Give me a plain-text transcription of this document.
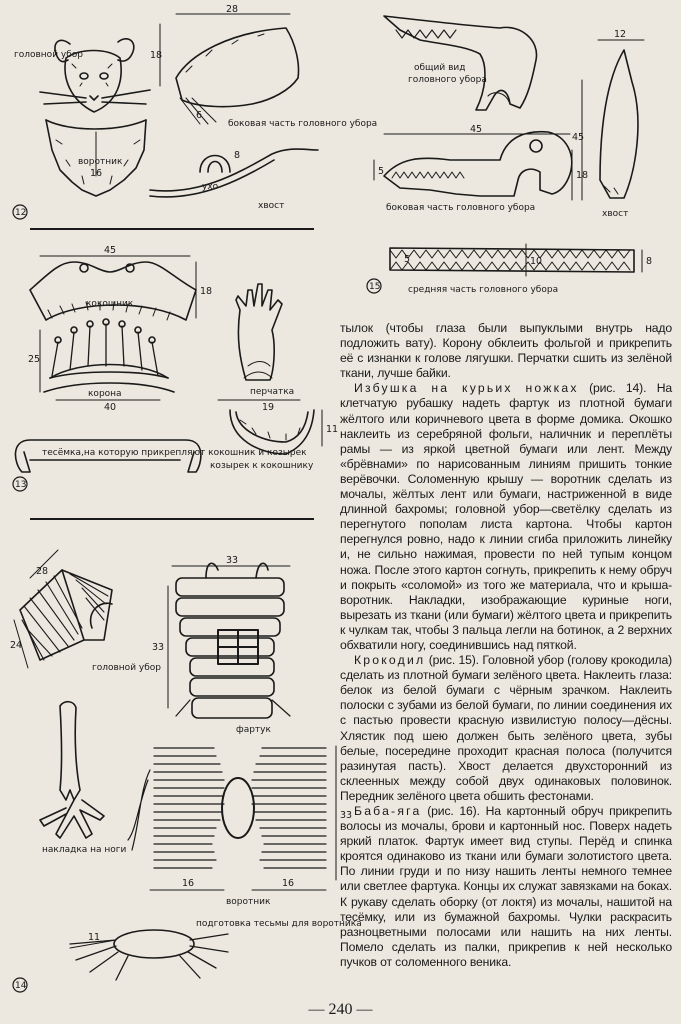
головной убор
воротник
боковая часть головного убора
ухо
хвост
12
28
18
6
16
8
кокошник
корона	перчатка
тесёмка,на которую прикрепляют кокошник и козырек
козырек к кокошнику
13
45
18
25
40	19
11
головной убор
фартук
накладка на ноги
воротник
подготовка тесьмы для воротника
14
28
24
33
33
33
16	16
11
общий вид
головного убора
боковая часть головного убора
хвост
средняя часть головного убора
15
45
12
45
5	18
5	10	8

тылок (чтобы глаза были выпуклыми внутрь надо подложить вату). Корону обклеить фольгой и прикрепить её с изнанки к голове лягушки. Перчатки сшить из зелёной ткани, лучше байки.

Избушка на курьих ножках (рис. 14). На клетчатую рубашку надеть фартук из плотной бумаги жёлтого или коричневого цвета в форме домика. Окошко наклеить из серебряной фольги, наличник и переплёты рамы — из яркой цветной бумаги или лент. Между «брёвнами» по нарисованным линиям пришить тонкие верёвочки. Соломенную крышу — воротник сделать из мочалы, жёлтых лент или бумаги, настриженной в виде длинной бахромы; головной убор—светёлку сделать из перегнутого пополам листа картона. Чтобы картон перегнулся ровно, надо к линии сгиба приложить линейку и, не сильно нажимая, провести по ней тупым концом ножа. После этого картон согнуть, прикрепить к нему обруч и покрыть «соломой» из того же материала, что и крыша-воротник. Накладки, изображающие куриные ноги, вырезать из ткани (или бумаги) жёлтого цвета и прикрепить к чулкам так, чтобы 3 пальца легли на ботинок, а 2 верхних обхватили ногу, соединившись над пяткой.

Крокодил (рис. 15). Головной убор (голову крокодила) сделать из плотной бумаги зелёного цвета. Наклеить глаза: белок из белой бумаги с чёрным зрачком. Наклеить полоски с зубами из белой бумаги, по линии соединения их с пастью провести красную извилистую полосу—дёсны. Хлястик под шею должен быть зелёного цвета, зубы белые, посередине проходит красная полоса (получится разинутая пасть). Хвост делается двухсторонний из склеенных между собой двух одинаковых половинок. Передник зелёного цвета обшить фестонами.

Баба-яга (рис. 16). На картонный обруч прикрепить волосы из мочалы, брови и картонный нос. Поверх надеть яркий платок. Фартук имеет вид ступы. Перёд и спинка кроятся одинаково из ткани или бумаги золотистого цвета. По линии груди и по низу нашить ленты немного темнее или светлее фартука. Концы их служат завязками на боках. К рукаву сделать оборку (от локтя) из мочалы, нашитой на тесёмку, или из бумажной бахромы. Чулки раскрасить разноцветными полосами или нашить на них ленты. Помело сделать из палки, прикрепив к ней несколько пучков от соломенного веника.

— 240 —
